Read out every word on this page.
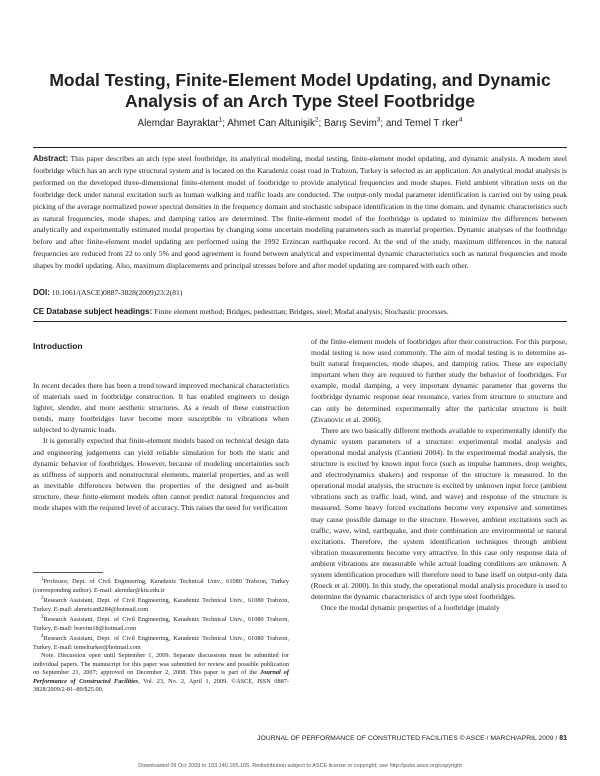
Modal Testing, Finite-Element Model Updating, and Dynamic Analysis of an Arch Type Steel Footbridge
Alemdar Bayraktar$^1$; Ahmet Can Altunişik$^2$; Barış Sevim$^3$; and Temel T rker$^4$
Abstract: This paper describes an arch type steel footbridge, its analytical modeling, modal testing, finite-element model updating, and dynamic analysis. A modern steel footbridge which has an arch type structural system and is located on the Karadeniz coast road in Trabzon, Turkey is selected as an application. An analytical modal analysis is performed on the developed three-dimensional finite-element model of footbridge to provide analytical frequencies and mode shapes. Field ambient vibration tests on the footbridge deck under natural excitation such as human walking and traffic loads are conducted. The output-only modal parameter identification is carried out by using peak picking of the average normalized power spectral densities in the frequency domain and stochastic subspace identification in the time domain, and dynamic characteristics such as natural frequencies, mode shapes, and damping ratios are determined. The finite-element model of the footbridge is updated to minimize the differences between analytically and experimentally estimated modal properties by changing some uncertain modeling parameters such as material properties. Dynamic analyses of the footbridge before and after finite-element model updating are performed using the 1992 Erzincan earthquake record. At the end of the study, maximum differences in the natural frequencies are reduced from 22 to only 5% and good agreement is found between analytical and experimental dynamic characteristics such as natural frequencies and mode shapes by model updating. Also, maximum displacements and principal stresses before and after model updating are compared with each other.
DOI: 10.1061/(ASCE)0887-3828(2009)23:2(81)
CE Database subject headings: Finite element method; Bridges, pedestrian; Bridges, steel; Modal analysis; Stochastic processes.
Introduction

In recent decades there has been a trend toward improved mechanical characteristics of materials used in footbridge construction. It has enabled engineers to design lighter, slender, and more aesthetic structures. As a result of these construction trends, many footbridges have become more susceptible to vibrations when subjected to dynamic loads.

It is generally expected that finite-element models based on technical design data and engineering judgements can yield reliable simulation for both the static and dynamic behavior of footbridges. However, because of modeling uncertainties such as stiffness of supports and nonstructural elements, material properties, and as well as inevitable differences between the properties of the designed and as-built structure, these finite-element models often cannot predict natural frequencies and mode shapes with the required level of accuracy. This raises the need for verification

$^1$Professor, Dept. of Civil Engineering, Karadeniz Technical Univ., 61080 Trabzon, Turkey (corresponding author). E-mail: alemdar@ktu.edu.tr

$^2$Research Assistant, Dept. of Civil Engineering, Karadeniz Technical Univ., 61080 Trabzon, Turkey. E-mail: ahmetcan8284@hotmail.com

$^3$Research Assistant, Dept. of Civil Engineering, Karadeniz Technical Univ., 61080 Trabzon, Turkey. E-mail: bsevim18@hotmail.com

$^4$Research Assistant, Dept. of Civil Engineering, Karadeniz Technical Univ., 61080 Trabzon, Turkey. E-mail: temelturker@hotmail.com

Note. Discussion open until September 1, 2009. Separate discussions must be submitted for individual papers. The manuscript for this paper was submitted for review and possible publication on September 21, 2007; approved on December 2, 2008. This paper is part of the Journal of Performance of Constructed Facilities, Vol. 23, No. 2, April 1, 2009. ©ASCE, ISSN 0887-3828/2009/2-81–89/$25.00.

of the finite-element models of footbridges after their construction. For this purpose, modal testing is now used commonly. The aim of modal testing is to determine as-built natural frequencies, mode shapes, and damping ratios. These are especially important when they are required to further study the behavior of footbridges. For example, modal damping, a very important dynamic parameter that governs the footbridge dynamic response near resonance, varies from structure to structure and can only be determined experimentally after the particular structure is built (Zivanovic et al. 2006).

There are two basically different methods available to experimentally identify the dynamic system parameters of a structure: experimental modal analysis and operational modal analysis (Cantieni 2004). In the experimental modal analysis, the structure is excited by known input force (such as impulse hammers, drop weights, and electrodynamics shakers) and response of the structure is measured. In the operational modal analysis, the structure is excited by unknown input force (ambient vibrations such as traffic load, wind, and wave) and response of the structure is measured. Some heavy forced excitations become very expensive and sometimes may cause possible damage to the structure. However, ambient excitations such as traffic, wave, wind, earthquake, and their combination are environmental or natural excitations. Therefore, the system identification techniques through ambient vibration measurements become very attractive. In this case only response data of ambient vibrations are measurable while actual loading conditions are unknown. A system identification procedure will therefore need to base itself on output-only data (Roeck et al. 2000). In this study, the operational modal analysis procedure is used to determine the dynamic characteristics of arch type steel footbridges.

Once the modal dynamic properties of a footbridge (mainly

JOURNAL OF PERFORMANCE OF CONSTRUCTED FACILITIES © ASCE / MARCH/APRIL 2009 / 81
Downloaded 09 Oct 2009 to 193.140.165.105. Redistribution subject to ASCE license or copyright; see http://pubs.asce.org/copyright
